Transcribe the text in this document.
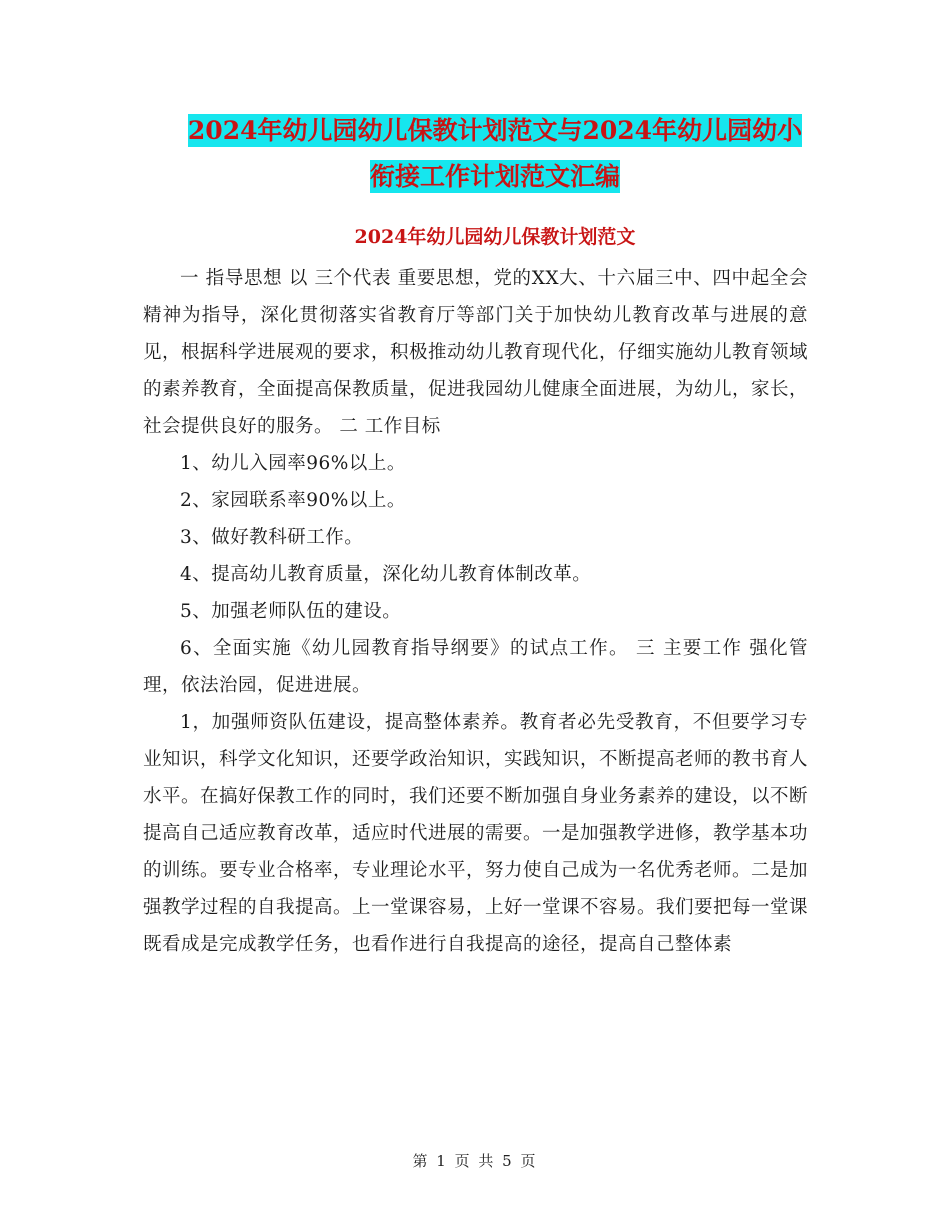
2024年幼儿园幼儿保教计划范文与2024年幼儿园幼小
衔接工作计划范文汇编
2024年幼儿园幼儿保教计划范文

一 指导思想 以 三个代表 重要思想，党的XX大、十六届三中、四中起全会精神为指导，深化贯彻落实省教育厅等部门关于加快幼儿教育改革与进展的意见，根据科学进展观的要求，积极推动幼儿教育现代化，仔细实施幼儿教育领域的素养教育，全面提高保教质量，促进我园幼儿健康全面进展，为幼儿，家长，社会提供良好的服务。 二 工作目标

1、幼儿入园率96%以上。

2、家园联系率90%以上。

3、做好教科研工作。

4、提高幼儿教育质量，深化幼儿教育体制改革。

5、加强老师队伍的建设。

6、全面实施《幼儿园教育指导纲要》的试点工作。 三 主要工作 强化管理，依法治园，促进进展。

1，加强师资队伍建设，提高整体素养。教育者必先受教育，不但要学习专业知识，科学文化知识，还要学政治知识，实践知识，不断提高老师的教书育人水平。在搞好保教工作的同时，我们还要不断加强自身业务素养的建设，以不断提高自己适应教育改革，适应时代进展的需要。一是加强教学进修，教学基本功的训练。要专业合格率，专业理论水平，努力使自己成为一名优秀老师。二是加强教学过程的自我提高。上一堂课容易，上好一堂课不容易。我们要把每一堂课既看成是完成教学任务，也看作进行自我提高的途径，提高自己整体素

第 1 页 共 5 页
